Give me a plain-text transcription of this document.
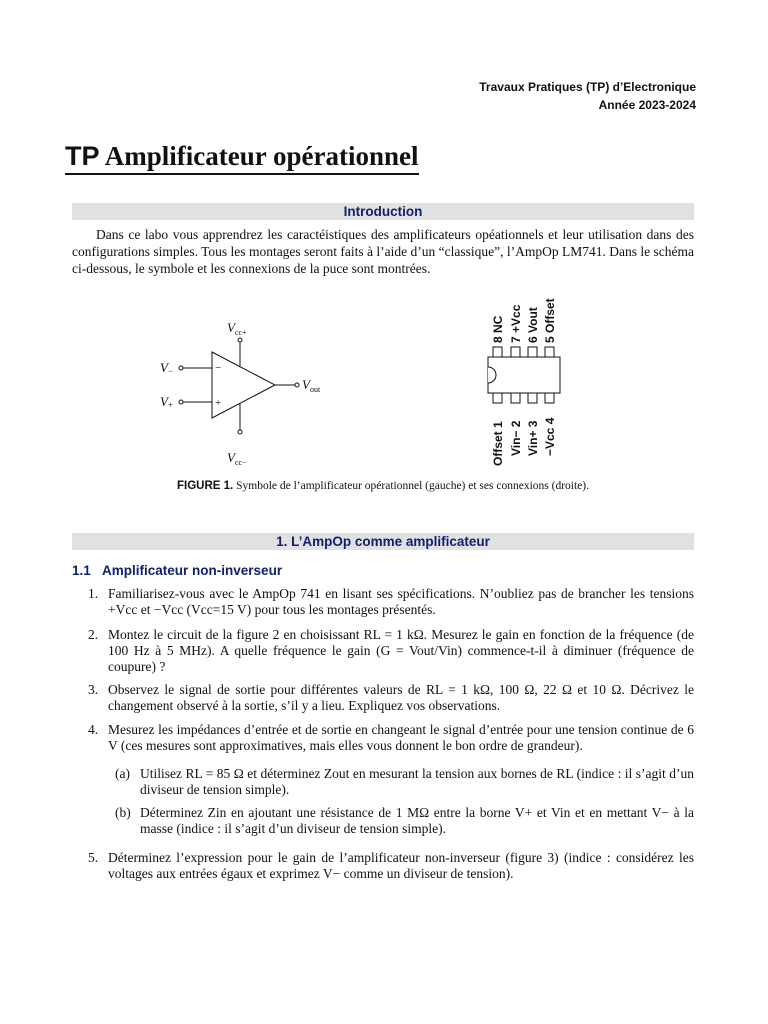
Travaux Pratiques (TP) d’Electronique
Année 2023-2024
TP Amplificateur opérationnel
Introduction
Dans ce labo vous apprendrez les caractéistiques des amplificateurs opéationnels et leur utilisation dans des configurations simples. Tous les montages seront faits à l’aide d’un “classique”, l’AmpOp LM741. Dans le schéma ci-dessous, le symbole et les connexions de la puce sont montrées.
$V_{cc+}$
$V_{cc-}$
V−
V+
$V_{out}$
−
+
8 NC 7 +Vcc 6 Vout 5 Offset
Offset 1 Vin− 2 Vin+ 3 −Vcc 4
FIGURE 1. Symbole de l’amplificateur opérationnel (gauche) et ses connexions (droite).
1. L’AmpOp comme amplificateur
1.1 Amplificateur non-inverseur
1. Familiarisez-vous avec le AmpOp 741 en lisant ses spécifications. N’oubliez pas de brancher les tensions +Vcc et −Vcc (Vcc=15 V) pour tous les montages présentés.
2. Montez le circuit de la figure 2 en choisissant RL = 1 kΩ. Mesurez le gain en fonction de la fréquence (de 100 Hz à 5 MHz). A quelle fréquence le gain (G = Vout/Vin) commence-t-il à diminuer (fréquence de coupure) ?
3. Observez le signal de sortie pour différentes valeurs de RL = 1 kΩ, 100 Ω, 22 Ω et 10 Ω. Décrivez le changement observé à la sortie, s’il y a lieu. Expliquez vos observations.
4. Mesurez les impédances d’entrée et de sortie en changeant le signal d’entrée pour une tension continue de 6 V (ces mesures sont approximatives, mais elles vous donnent le bon ordre de grandeur).
(a) Utilisez RL = 85 Ω et déterminez Zout en mesurant la tension aux bornes de RL (indice : il s’agit d’un diviseur de tension simple).
(b) Déterminez Zin en ajoutant une résistance de 1 MΩ entre la borne V+ et Vin et en mettant V− à la masse (indice : il s’agit d’un diviseur de tension simple).
5. Déterminez l’expression pour le gain de l’amplificateur non-inverseur (figure 3) (indice : considérez les voltages aux entrées égaux et exprimez V− comme un diviseur de tension).
